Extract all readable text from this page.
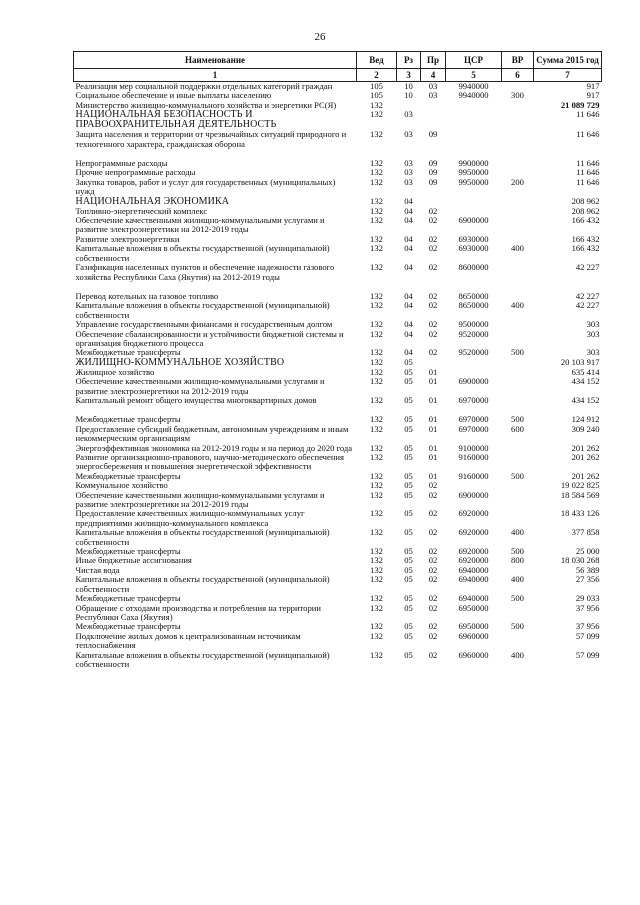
26
Наименование	Вед	Рз	Пр	ЦСР	ВР	Сумма 2015 год
1	2	3	4	5	6	7
Реализация мер социальной поддержки отдельных категорий граждан	105	10	03	9940000		917
Социальное обеспечение и иные выплаты населению	105	10	03	9940000	300	917
Министерство жилищно-коммунального хозяйства и энергетики РС(Я)	132					21 089 729
НАЦИОНАЛЬНАЯ БЕЗОПАСНОСТЬ И ПРАВООХРАНИТЕЛЬНАЯ ДЕЯТЕЛЬНОСТЬ	132	03				11 646
Защита населения и территории от чрезвычайных ситуаций природного и техногенного характера, гражданская оборона	132	03	09			11 646

Непрограммные расходы	132	03	09	9900000		11 646
Прочие непрограммные расходы	132	03	09	9950000		11 646
Закупка товаров, работ и услуг для государственных (муниципальных) нужд	132	03	09	9950000	200	11 646
НАЦИОНАЛЬНАЯ ЭКОНОМИКА	132	04				208 962
Топливно-энергетический комплекс	132	04	02			208 962
Обеспечение качественными жилищно-коммунальными услугами и развитие электроэнергетики на 2012-2019 годы	132	04	02	6900000		166 432
Развитие электроэнергетики	132	04	02	6930000		166 432
Капитальные вложения в объекты государственной (муниципальной) собственности	132	04	02	6930000	400	166 432
Газификация населенных пунктов и обеспечение надежности газового хозяйства Республики Саха (Якутия) на 2012-2019 годы	132	04	02	8600000		42 227

Перевод котельных на газовое топливо	132	04	02	8650000		42 227
Капитальные вложения в объекты государственной (муниципальной) собственности	132	04	02	8650000	400	42 227
Управление государственными финансами и государственным долгом	132	04	02	9500000		303
Обеспечение сбалансированности и устойчивости бюджетной системы и организация бюджетного процесса	132	04	02	9520000		303
Межбюджетные трансферты	132	04	02	9520000	500	303
ЖИЛИЩНО-КОММУНАЛЬНОЕ ХОЗЯЙСТВО	132	05				20 103 917
Жилищное хозяйство	132	05	01			635 414
Обеспечение качественными жилищно-коммунальными услугами и развитие электроэнергетики на 2012-2019 годы	132	05	01	6900000		434 152
Капитальный ремонт общего имущества многоквартирных домов	132	05	01	6970000		434 152

Межбюджетные трансферты	132	05	01	6970000	500	124 912
Предоставление субсидий бюджетным, автономным учреждениям и иным некоммерческим организациям	132	05	01	6970000	600	309 240
Энергоэффективная экономика на 2012-2019 годы и на период до 2020 года	132	05	01	9100000		201 262
Развитие организационно-правового, научно-методического обеспечения энергосбережения и повышения энергетической эффективности	132	05	01	9160000		201 262
Межбюджетные трансферты	132	05	01	9160000	500	201 262
Коммунальное хозяйство	132	05	02			19 022 825
Обеспечение качественными жилищно-коммунальными услугами и развитие электроэнергетики на 2012-2019 годы	132	05	02	6900000		18 584 569
Предоставление качественных жилищно-коммунальных услуг предприятиями жилищно-коммунального комплекса	132	05	02	6920000		18 433 126
Капитальные вложения в объекты государственной (муниципальной) собственности	132	05	02	6920000	400	377 858
Межбюджетные трансферты	132	05	02	6920000	500	25 000
Иные бюджетные ассигнования	132	05	02	6920000	800	18 030 268
Чистая вода	132	05	02	6940000		56 389
Капитальные вложения в объекты государственной (муниципальной) собственности	132	05	02	6940000	400	27 356
Межбюджетные трансферты	132	05	02	6940000	500	29 033
Обращение с отходами производства и потребления на территории Республики Саха (Якутия)	132	05	02	6950000		37 956
Межбюджетные трансферты	132	05	02	6950000	500	37 956
Подключение жилых домов к централизованным источникам теплоснабжения	132	05	02	6960000		57 099
Капитальные вложения в объекты государственной (муниципальной) собственности	132	05	02	6960000	400	57 099
